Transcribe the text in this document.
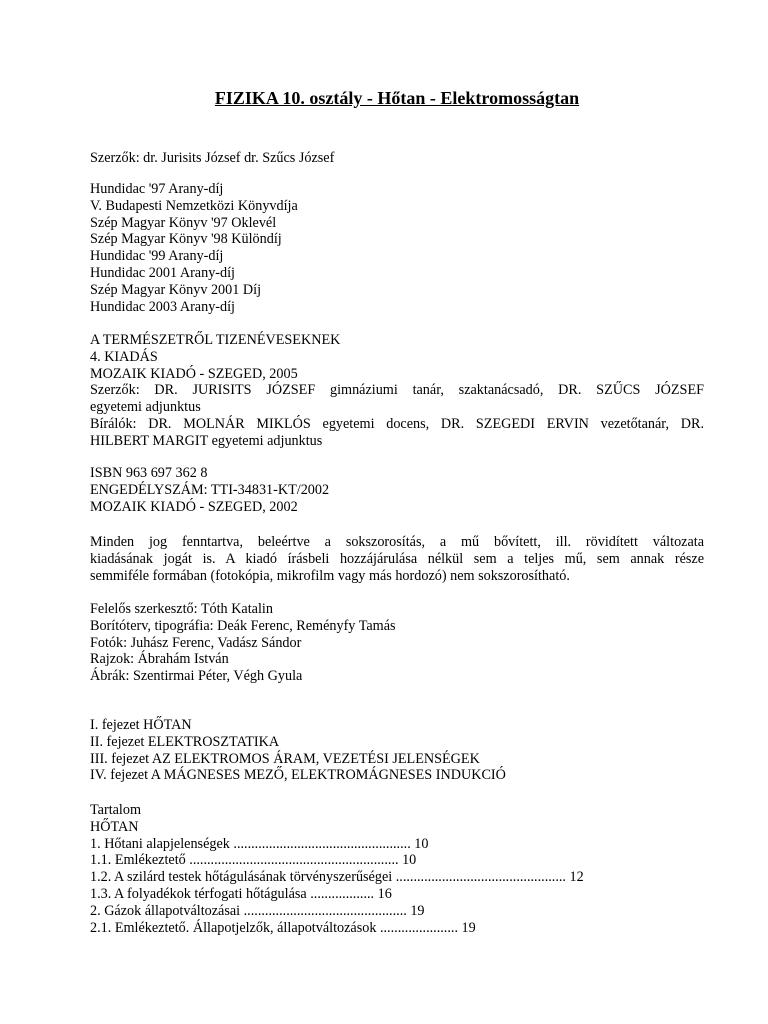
FIZIKA 10. osztály - Hőtan - Elektromosságtan
Szerzők: dr. Jurisits József dr. Szűcs József
Hundidac '97 Arany-díj
V. Budapesti Nemzetközi Könyvdíja
Szép Magyar Könyv '97 Oklevél
Szép Magyar Könyv '98 Különdíj
Hundidac '99 Arany-díj
Hundidac 2001 Arany-díj
Szép Magyar Könyv 2001 Díj
Hundidac 2003 Arany-díj
A TERMÉSZETRŐL TIZENÉVESEKNEK
4. KIADÁS
MOZAIK KIADÓ - SZEGED, 2005
Szerzők: DR. JURISITS JÓZSEF gimnáziumi tanár, szaktanácsadó, DR. SZŰCS JÓZSEF
egyetemi adjunktus
Bírálók: DR. MOLNÁR MIKLÓS egyetemi docens, DR. SZEGEDI ERVIN vezetőtanár, DR.
HILBERT MARGIT egyetemi adjunktus
ISBN 963 697 362 8
ENGEDÉLYSZÁM: TTI-34831-KT/2002
MOZAIK KIADÓ - SZEGED, 2002
Minden jog fenntartva, beleértve a sokszorosítás, a mű bővített, ill. rövidített változata
kiadásának jogát is. A kiadó írásbeli hozzájárulása nélkül sem a teljes mű, sem annak része
semmiféle formában (fotokópia, mikrofilm vagy más hordozó) nem sokszorosítható.
Felelős szerkesztő: Tóth Katalin
Borítóterv, tipográfia: Deák Ferenc, Reményfy Tamás
Fotók: Juhász Ferenc, Vadász Sándor
Rajzok: Ábrahám István
Ábrák: Szentirmai Péter, Végh Gyula
I. fejezet HŐTAN
II. fejezet ELEKTROSZTATIKA
III. fejezet AZ ELEKTROMOS ÁRAM, VEZETÉSI JELENSÉGEK
IV. fejezet A MÁGNESES MEZŐ, ELEKTROMÁGNESES INDUKCIÓ
Tartalom
HŐTAN
1. Hőtani alapjelenségek .................................................. 10
1.1. Emlékeztető ........................................................... 10
1.2. A szilárd testek hőtágulásának törvényszerűségei ................................................ 12
1.3. A folyadékok térfogati hőtágulása .................. 16
2. Gázok állapotváltozásai .............................................. 19
2.1. Emlékeztető. Állapotjelzők, állapotváltozások ...................... 19
